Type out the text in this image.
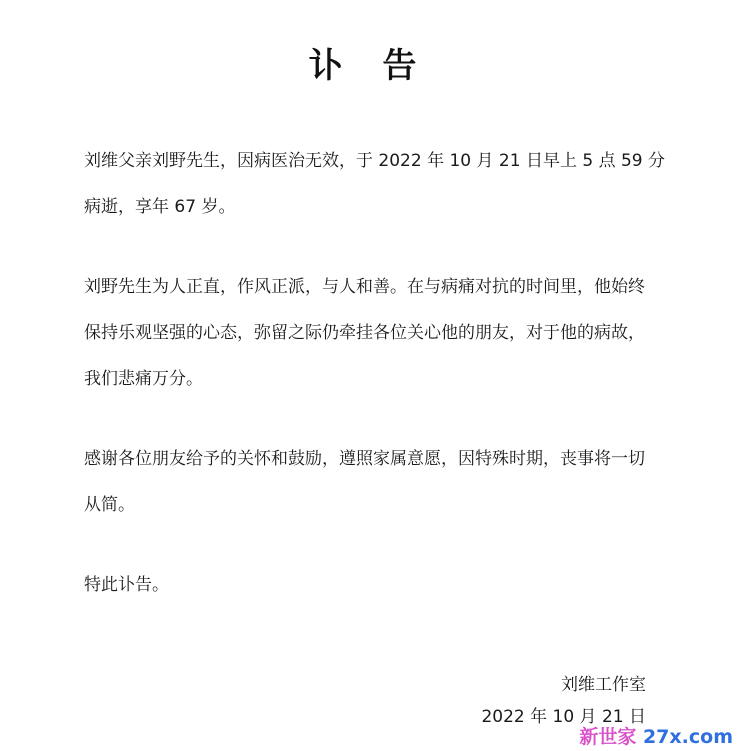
讣 告
刘维父亲刘野先生，因病医治无效，于 2022 年 10 月 21 日早上 5 点 59 分
病逝，享年 67 岁。
刘野先生为人正直，作风正派，与人和善。在与病痛对抗的时间里，他始终
保持乐观坚强的心态，弥留之际仍牵挂各位关心他的朋友，对于他的病故，
我们悲痛万分。
感谢各位朋友给予的关怀和鼓励，遵照家属意愿，因特殊时期，丧事将一切
从简。
特此讣告。
刘维工作室
2022 年 10 月 21 日
新世家 27x.com
